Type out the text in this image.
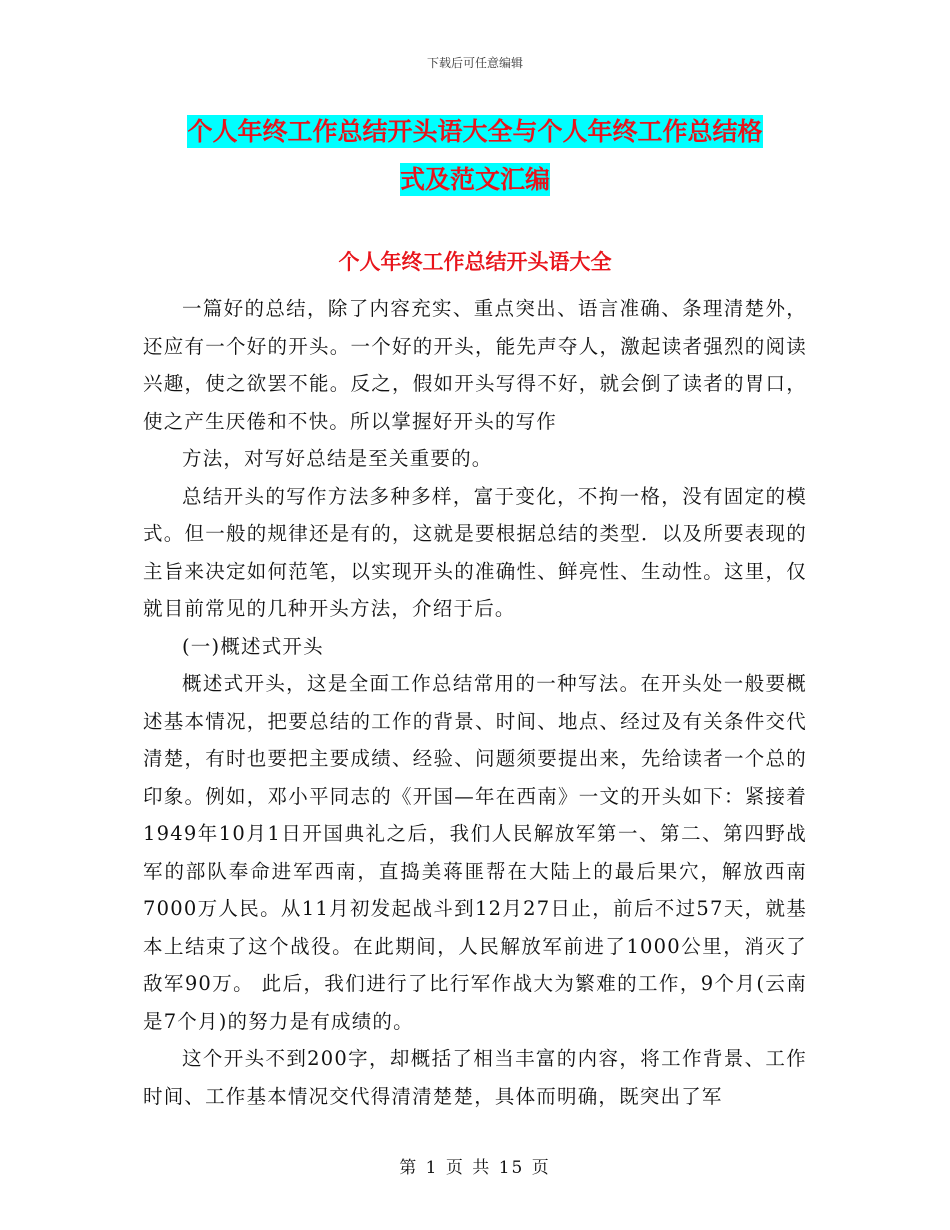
下载后可任意编辑
个人年终工作总结开头语大全与个人年终工作总结格
式及范文汇编
个人年终工作总结开头语大全

一篇好的总结，除了内容充实、重点突出、语言准确、条理清楚外，还应有一个好的开头。一个好的开头，能先声夺人，激起读者强烈的阅读兴趣，使之欲罢不能。反之，假如开头写得不好，就会倒了读者的胃口，使之产生厌倦和不快。所以掌握好开头的写作

方法，对写好总结是至关重要的。

总结开头的写作方法多种多样，富于变化，不拘一格，没有固定的模式。但一般的规律还是有的，这就是要根据总结的类型．以及所要表现的主旨来决定如何范笔，以实现开头的准确性、鲜亮性、生动性。这里，仅就目前常见的几种开头方法，介绍于后。

(一)概述式开头

概述式开头，这是全面工作总结常用的一种写法。在开头处一般要概述基本情况，把要总结的工作的背景、时间、地点、经过及有关条件交代清楚，有时也要把主要成绩、经验、问题须要提出来，先给读者一个总的印象。例如，邓小平同志的《开国—年在西南》一文的开头如下：紧接着1949年10月1日开国典礼之后，我们人民解放军第一、第二、第四野战军的部队奉命进军西南，直捣美蒋匪帮在大陆上的最后果穴，解放西南7000万人民。从11月初发起战斗到12月27日止，前后不过57天，就基本上结束了这个战役。在此期间，人民解放军前进了1000公里，消灭了敌军90万。 此后，我们进行了比行军作战大为繁难的工作，9个月(云南是7个月)的努力是有成绩的。

这个开头不到200字，却概括了相当丰富的内容，将工作背景、工作时间、工作基本情况交代得清清楚楚，具体而明确，既突出了军

第 1 页 共 15 页
